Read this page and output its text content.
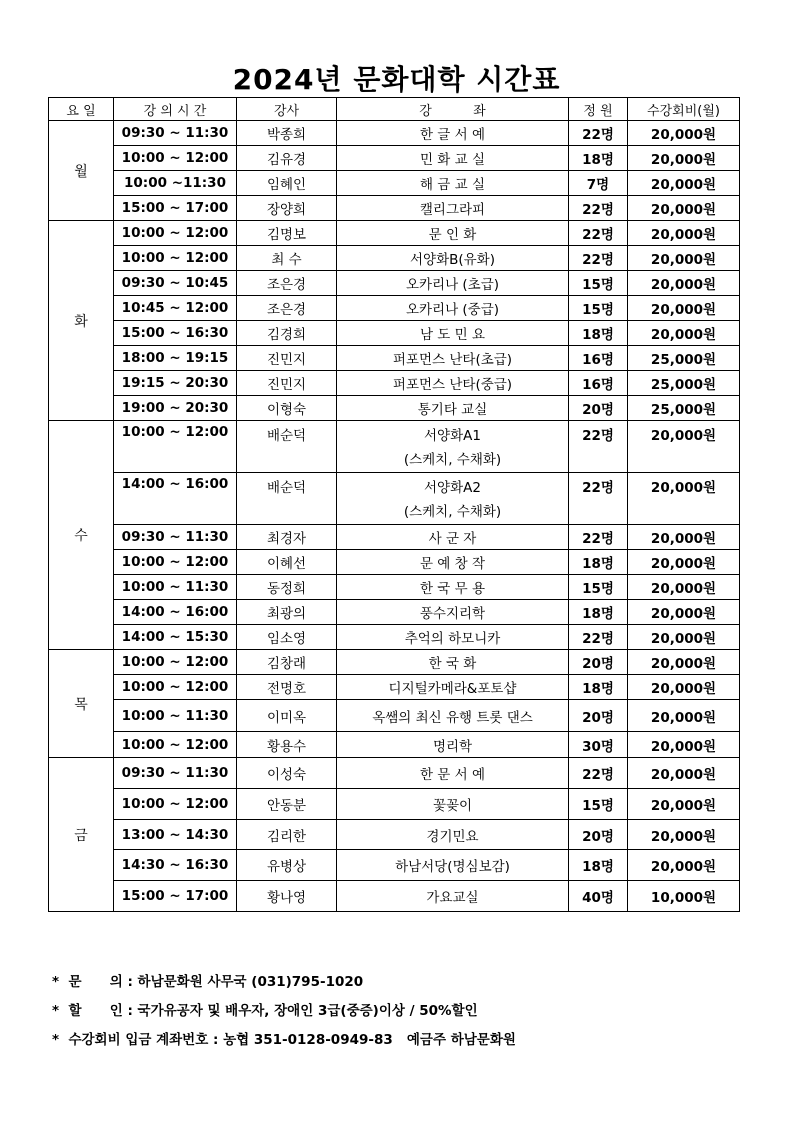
2024년 문화대학 시간표
요 일	강 의 시 간	강사	강          좌	정 원	수강회비(월)
월	09:30 ~ 11:30	박종희	한 글 서 예	22명	20,000원
	10:00 ~ 12:00	김유경	민 화 교 실	18명	20,000원
	10:00 ~11:30	임혜인	해 금 교 실	7명	20,000원
	15:00 ~ 17:00	장양희	캘리그라피	22명	20,000원
화	10:00 ~ 12:00	김명보	문 인 화	22명	20,000원
	10:00 ~ 12:00	최 수	서양화B(유화)	22명	20,000원
	09:30 ~ 10:45	조은경	오카리나 (초급)	15명	20,000원
	10:45 ~ 12:00	조은경	오카리나 (중급)	15명	20,000원
	15:00 ~ 16:30	김경희	남 도 민 요	18명	20,000원
	18:00 ~ 19:15	진민지	퍼포먼스 난타(초급)	16명	25,000원
	19:15 ~ 20:30	진민지	퍼포먼스 난타(중급)	16명	25,000원
	19:00 ~ 20:30	이형숙	통기타 교실	20명	25,000원
수	10:00 ~ 12:00	배순덕	서양화A1
(스케치, 수채화)	22명	20,000원
	14:00 ~ 16:00	배순덕	서양화A2
(스케치, 수채화)	22명	20,000원
	09:30 ~ 11:30	최경자	사 군 자	22명	20,000원
	10:00 ~ 12:00	이혜선	문 예 창 작	18명	20,000원
	10:00 ~ 11:30	동정희	한 국 무 용	15명	20,000원
	14:00 ~ 16:00	최광의	풍수지리학	18명	20,000원
	14:00 ~ 15:30	임소영	추억의 하모니카	22명	20,000원
목	10:00 ~ 12:00	김창래	한 국 화	20명	20,000원
	10:00 ~ 12:00	전명호	디지털카메라&포토샵	18명	20,000원
	10:00 ~ 11:30	이미옥	옥쌤의 최신 유행 트롯 댄스	20명	20,000원
	10:00 ~ 12:00	황용수	명리학	30명	20,000원
금	09:30 ~ 11:30	이성숙	한 문 서 예	22명	20,000원
	10:00 ~ 12:00	안동분	꽃꽂이	15명	20,000원
	13:00 ~ 14:30	김리한	경기민요	20명	20,000원
	14:30 ~ 16:30	유병상	하남서당(명심보감)	18명	20,000원
	15:00 ~ 17:00	황나영	가요교실	40명	10,000원
*  문      의 : 하남문화원 사무국 (031)795-1020
*  할      인 : 국가유공자 및 배우자, 장애인 3급(중증)이상 / 50%할인
*  수강회비 입금 계좌번호 : 농협 351-0128-0949-83   예금주 하남문화원
